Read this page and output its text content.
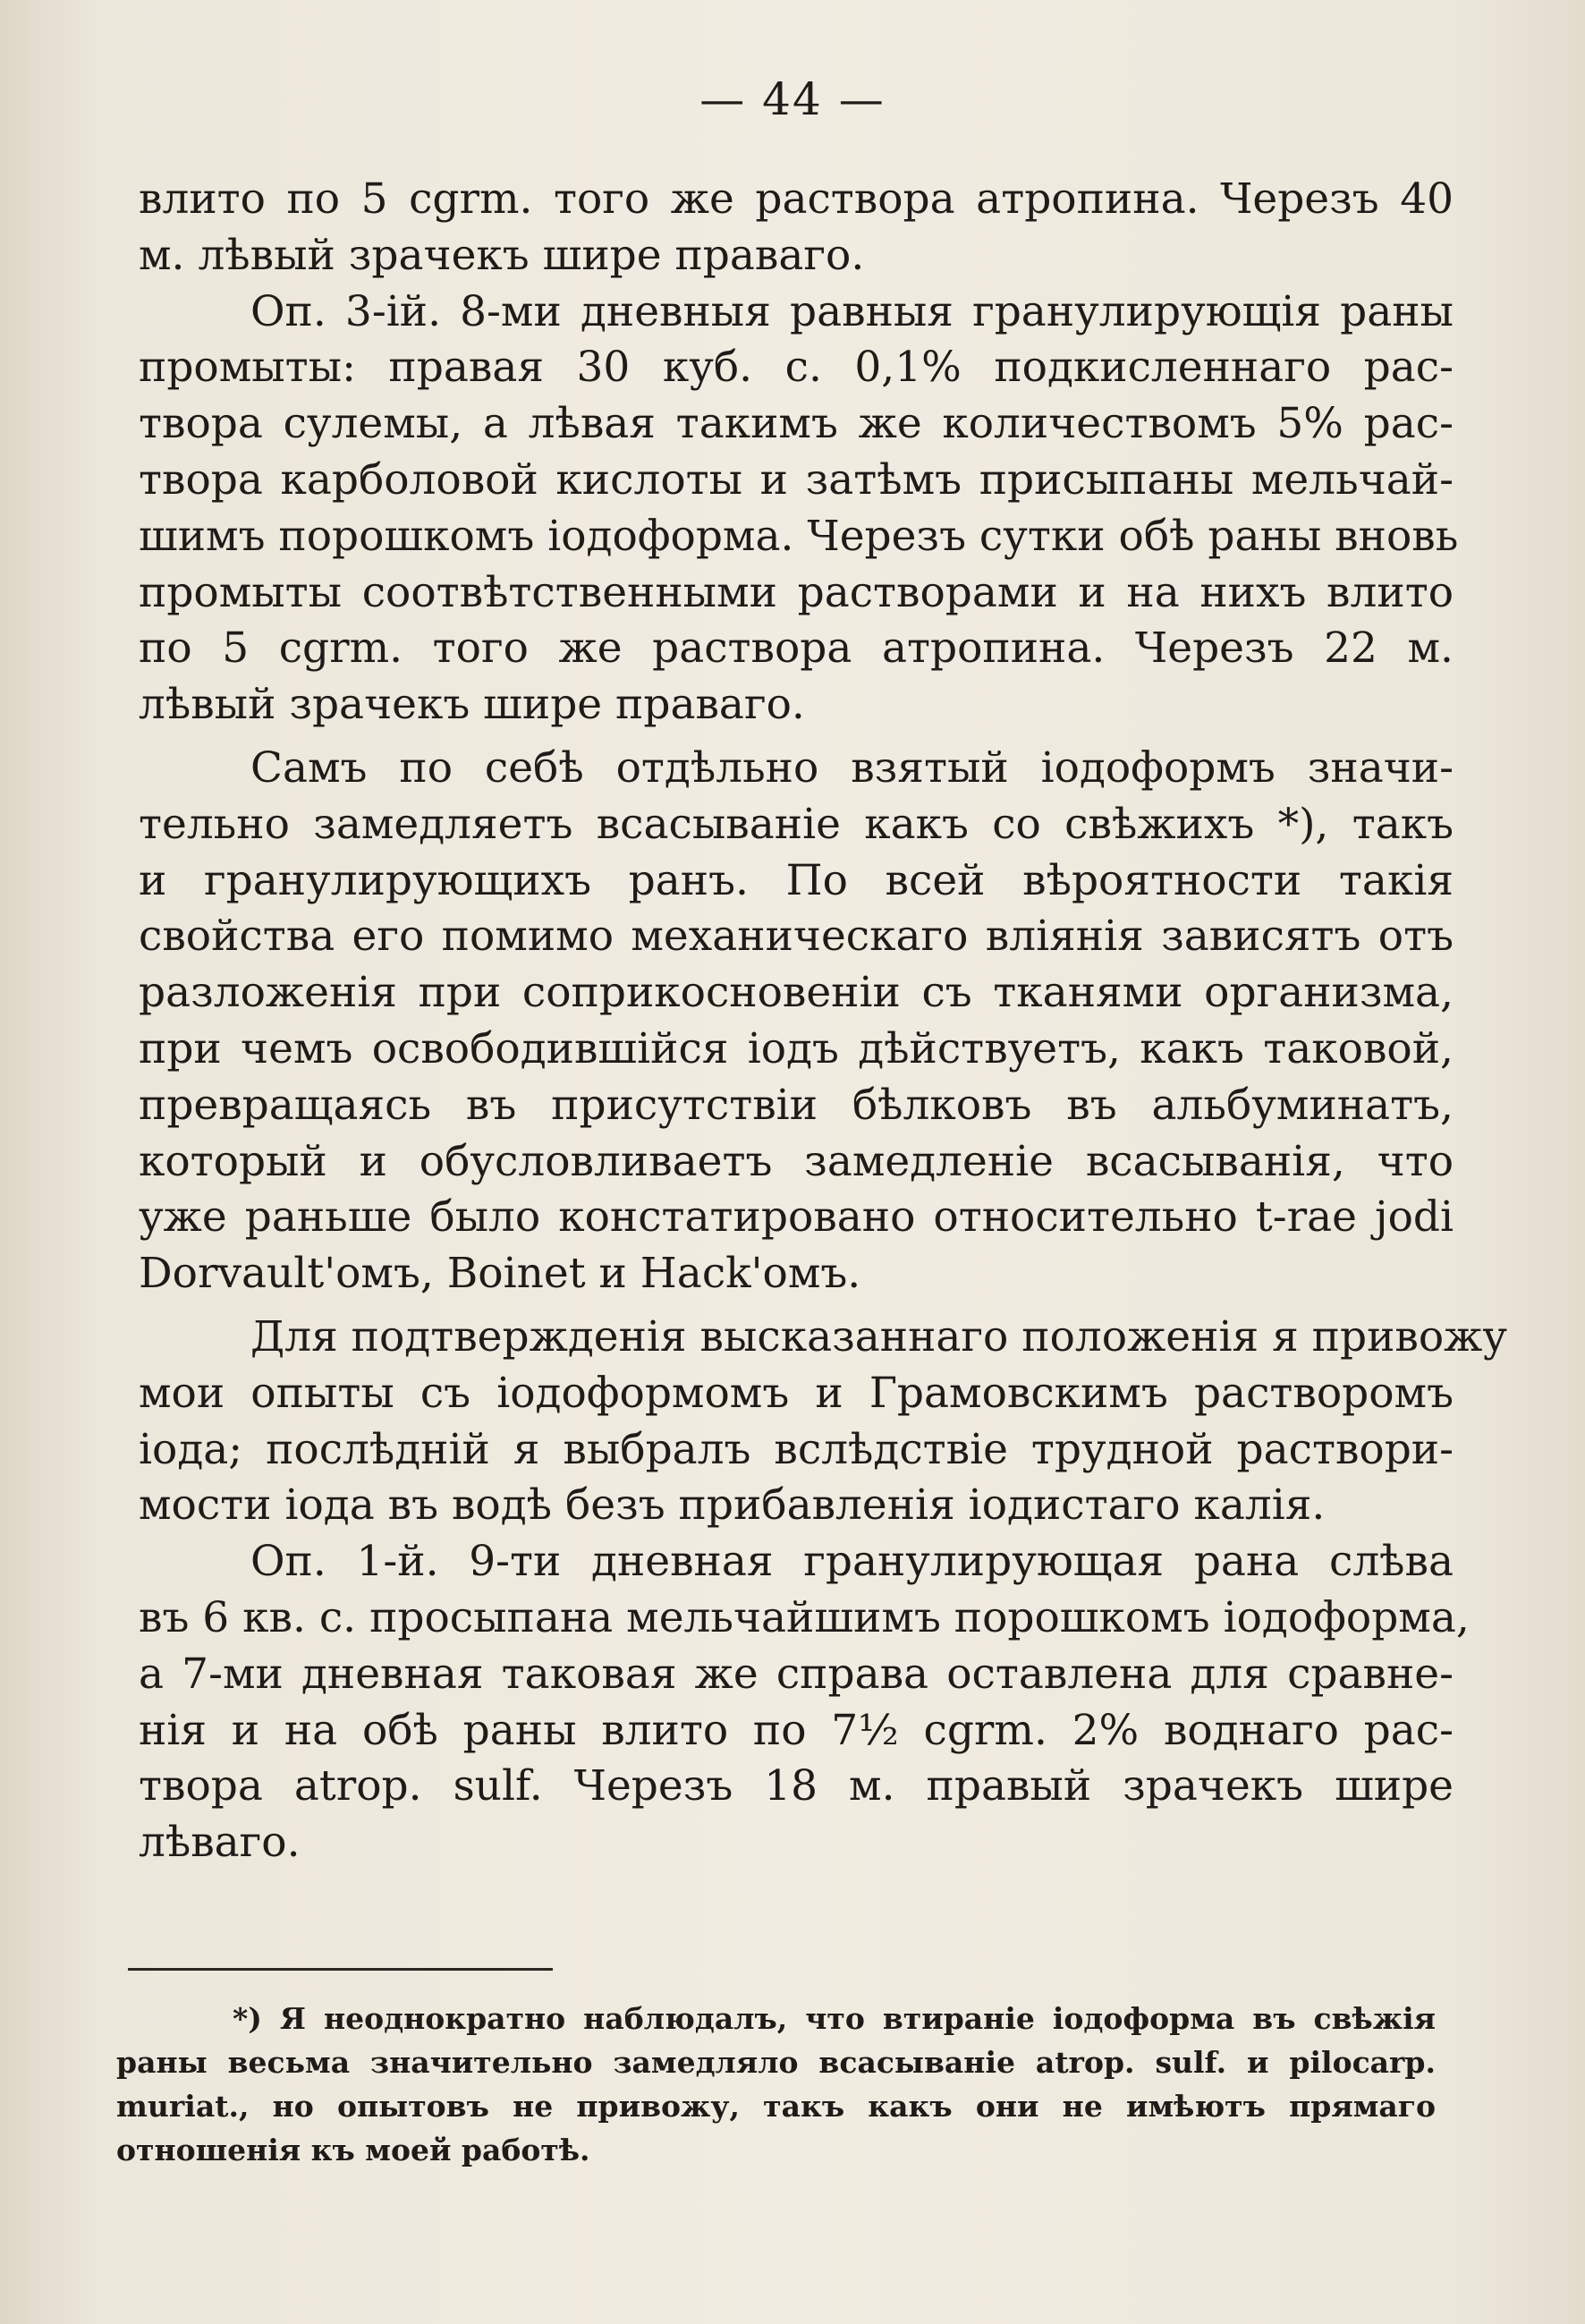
— 44 —
влито по 5 cgrm. того же раствора атропина. Черезъ 40
м. лѣвый зрачекъ шире праваго.
Оп. 3-iй. 8-ми дневныя равныя гранулирующія раны
промыты: правая 30 куб. с. 0,1% подкисленнаго рас-
твора сулемы, а лѣвая такимъ же количествомъ 5% рас-
твора карболовой кислоты и затѣмъ присыпаны мельчай-
шимъ порошкомъ iодоформа. Черезъ сутки обѣ раны вновь
промыты соотвѣтственными растворами и на нихъ влито
по 5 cgrm. того же раствора атропина. Черезъ 22 м.
лѣвый зрачекъ шире праваго.
Самъ по себѣ отдѣльно взятый iодоформъ значи-
тельно замедляетъ всасыванiе какъ со свѣжихъ *), такъ
и гранулирующихъ ранъ. По всей вѣроятности такiя
свойства его помимо механическаго влiянiя зависятъ отъ
разложенiя при соприкосновенiи съ тканями организма,
при чемъ освободившiйся iодъ дѣйствуетъ, какъ таковой,
превращаясь въ присутствiи бѣлковъ въ альбуминатъ,
который и обусловливаетъ замедленiе всасыванiя, что
уже раньше было констатировано относительно t-rae jodi
Dorvault'омъ, Boinet и Hack'омъ.
Для подтвержденiя высказаннаго положенiя я привожу
мои опыты съ iодоформомъ и Грамовскимъ растворомъ
iода; послѣднiй я выбралъ вслѣдствiе трудной раствори-
мости iода въ водѣ безъ прибавленiя iодистаго калiя.
Оп. 1-й. 9-ти дневная гранулирующая рана слѣва
въ 6 кв. с. просыпана мельчайшимъ порошкомъ iодоформа,
а 7-ми дневная таковая же справа оставлена для сравне-
нiя и на обѣ раны влито по 7½ cgrm. 2% воднаго рас-
твора atrop. sulf. Черезъ 18 м. правый зрачекъ шире
лѣваго.
*) Я неоднократно наблюдалъ, что втиранiе iодоформа въ свѣжiя
раны весьма значительно замедляло всасыванiе atrop. sulf. и pilocarp.
muriat., но опытовъ не привожу, такъ какъ они не имѣютъ прямаго
отношенiя къ моей работѣ.
